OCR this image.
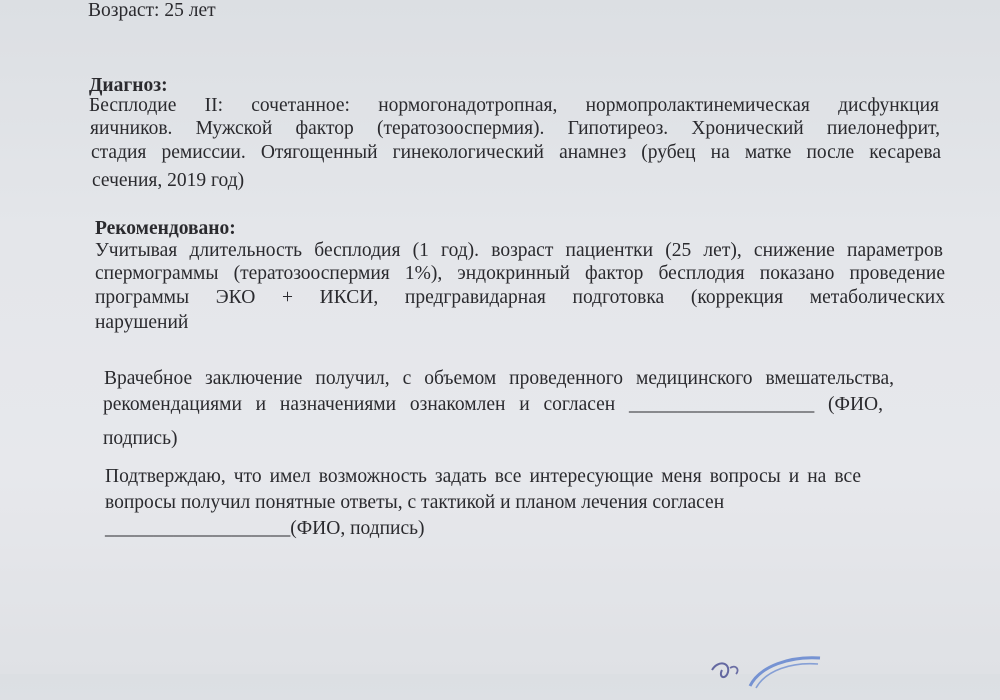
Возраст: 25 лет
Диагноз:
Бесплодие II: сочетанное: нормогонадотропная, нормопролактинемическая дисфункция
яичников. Мужской фактор (тератозооспермия). Гипотиреоз. Хронический пиелонефрит,
стадия ремиссии. Отягощенный гинекологический анамнез (рубец на матке после кесарева
сечения, 2019 год)
Рекомендовано:
Учитывая длительность бесплодия (1 год). возраст пациентки (25 лет), снижение параметров
спермограммы (тератозооспермия 1%), эндокринный фактор бесплодия показано проведение
программы ЭКО + ИКСИ, предгравидарная подготовка (коррекция метаболических
нарушений
Врачебное заключение получил, с объемом проведенного медицинского вмешательства,
рекомендациями и назначениями ознакомлен и согласен ___________________ (ФИО,
подпись)
Подтверждаю, что имел возможность задать все интересующие меня вопросы и на все
вопросы получил понятные ответы, с тактикой и планом лечения согласен
___________________(ФИО, подпись)
